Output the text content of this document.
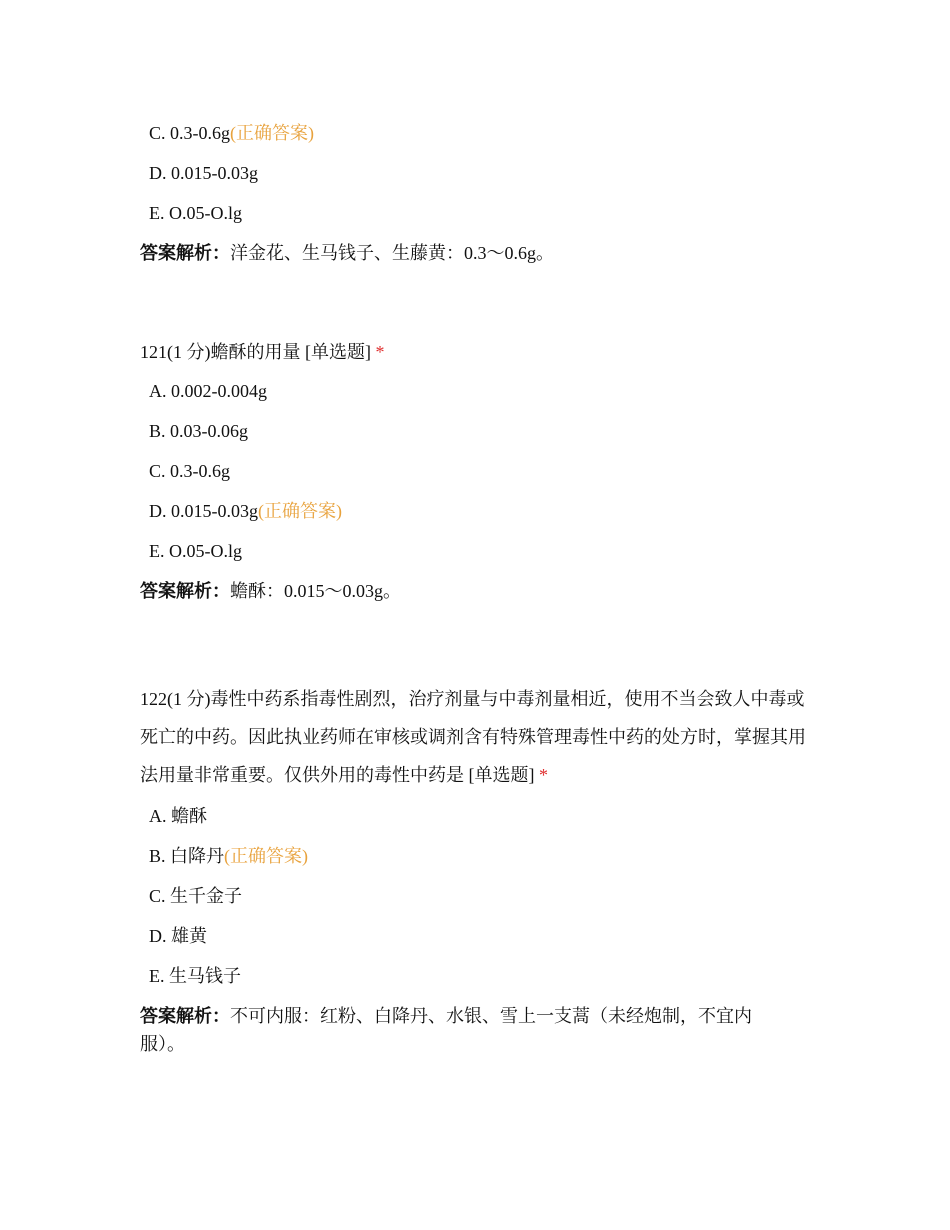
C. 0.3-0.6g(正确答案)
D. 0.015-0.03g
E. O.05-O.lg
答案解析：洋金花、生马钱子、生藤黄：0.3～0.6g。
121(1 分)蟾酥的用量 [单选题] *
A. 0.002-0.004g
B. 0.03-0.06g
C. 0.3-0.6g
D. 0.015-0.03g(正确答案)
E. O.05-O.lg
答案解析：蟾酥：0.015～0.03g。
122(1 分)毒性中药系指毒性剧烈，治疗剂量与中毒剂量相近，使用不当会致人中毒或死亡的中药。因此执业药师在审核或调剂含有特殊管理毒性中药的处方时，掌握其用法用量非常重要。仅供外用的毒性中药是 [单选题] *
A. 蟾酥
B. 白降丹(正确答案)
C. 生千金子
D. 雄黄
E. 生马钱子
答案解析：不可内服：红粉、白降丹、水银、雪上一支蒿（未经炮制，不宜内服）。
